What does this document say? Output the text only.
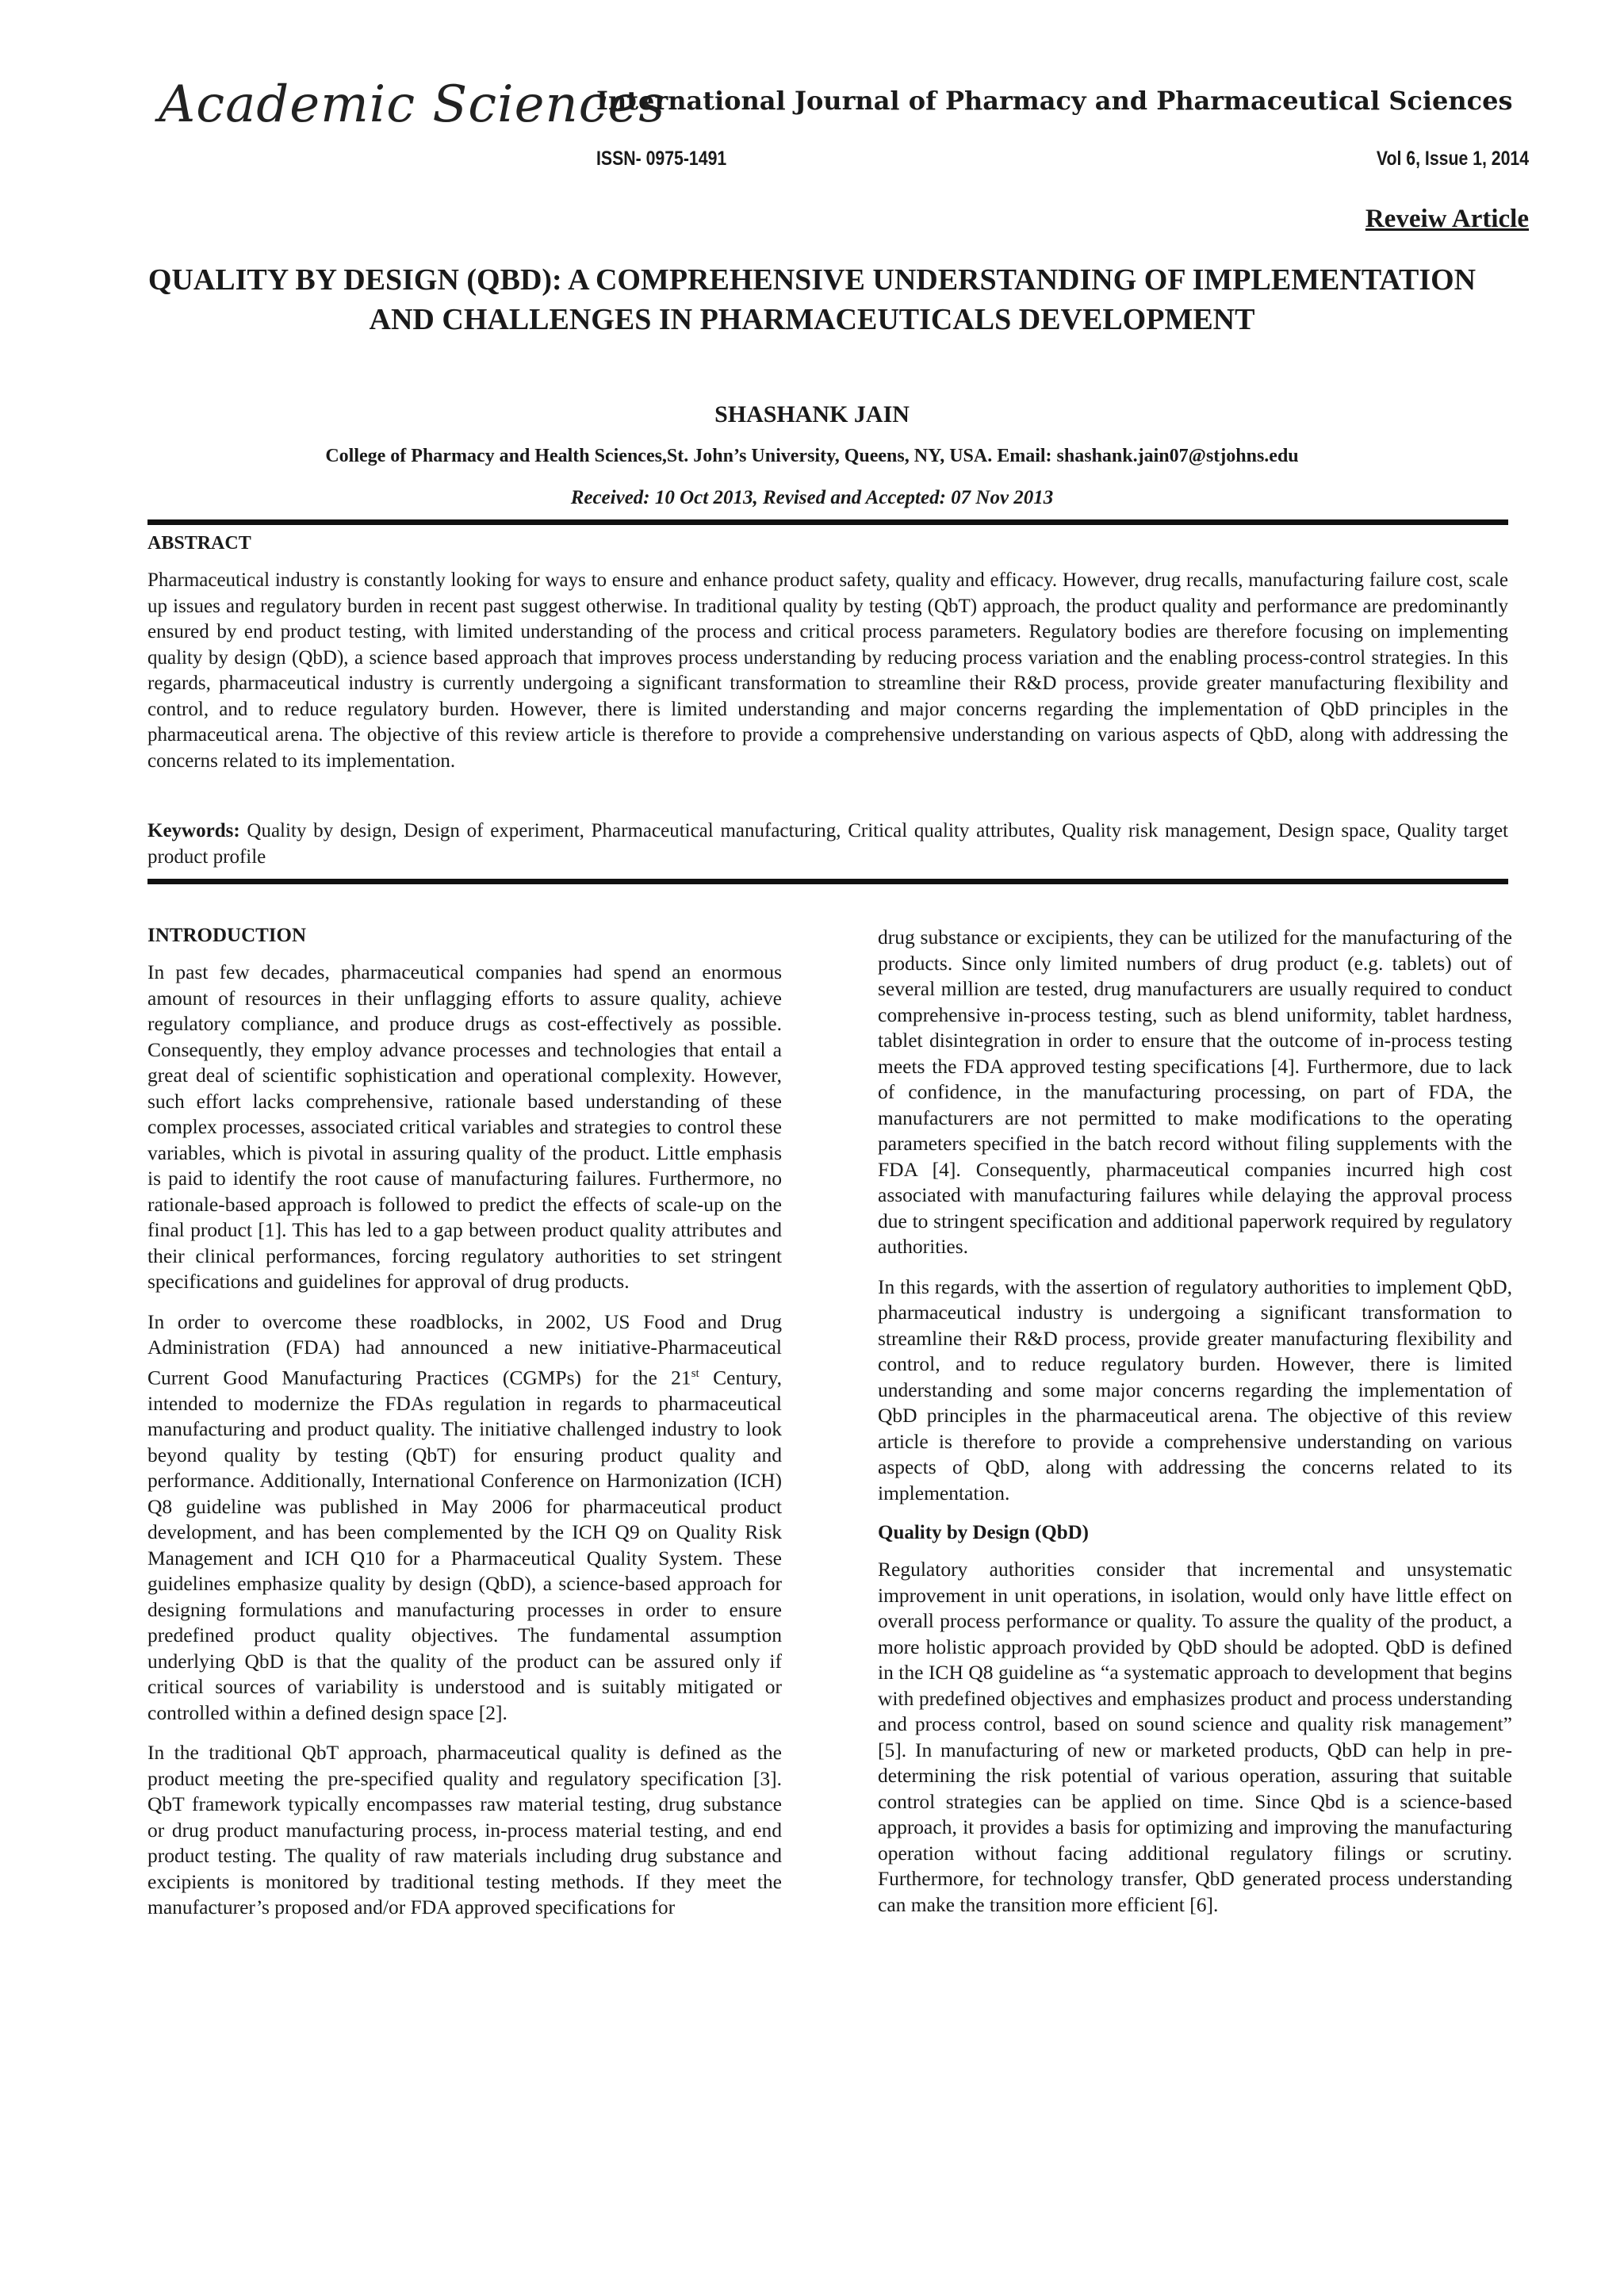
Academic Sciences
International Journal of Pharmacy and Pharmaceutical Sciences
ISSN- 0975-1491	Vol 6, Issue 1, 2014
Reveiw Article
QUALITY BY DESIGN (QBD): A COMPREHENSIVE UNDERSTANDING OF IMPLEMENTATION AND CHALLENGES IN PHARMACEUTICALS DEVELOPMENT
SHASHANK JAIN
College of Pharmacy and Health Sciences,St. John’s University, Queens, NY, USA. Email: shashank.jain07@stjohns.edu
Received: 10 Oct 2013, Revised and Accepted: 07 Nov 2013
ABSTRACT

Pharmaceutical industry is constantly looking for ways to ensure and enhance product safety, quality and efficacy. However, drug recalls, manufacturing failure cost, scale up issues and regulatory burden in recent past suggest otherwise. In traditional quality by testing (QbT) approach, the product quality and performance are predominantly ensured by end product testing, with limited understanding of the process and critical process parameters. Regulatory bodies are therefore focusing on implementing quality by design (QbD), a science based approach that improves process understanding by reducing process variation and the enabling process-control strategies. In this regards, pharmaceutical industry is currently undergoing a significant transformation to streamline their R&D process, provide greater manufacturing flexibility and control, and to reduce regulatory burden. However, there is limited understanding and major concerns regarding the implementation of QbD principles in the pharmaceutical arena. The objective of this review article is therefore to provide a comprehensive understanding on various aspects of QbD, along with addressing the concerns related to its implementation.

Keywords: Quality by design, Design of experiment, Pharmaceutical manufacturing, Critical quality attributes, Quality risk management, Design space, Quality target product profile

INTRODUCTION

In past few decades, pharmaceutical companies had spend an enormous amount of resources in their unflagging efforts to assure quality, achieve regulatory compliance, and produce drugs as cost-effectively as possible. Consequently, they employ advance processes and technologies that entail a great deal of scientific sophistication and operational complexity. However, such effort lacks comprehensive, rationale based understanding of these complex processes, associated critical variables and strategies to control these variables, which is pivotal in assuring quality of the product. Little emphasis is paid to identify the root cause of manufacturing failures. Furthermore, no rationale-based approach is followed to predict the effects of scale-up on the final product [1]. This has led to a gap between product quality attributes and their clinical performances, forcing regulatory authorities to set stringent specifications and guidelines for approval of drug products.

In order to overcome these roadblocks, in 2002, US Food and Drug Administration (FDA) had announced a new initiative-Pharmaceutical Current Good Manufacturing Practices (CGMPs) for the 21st Century, intended to modernize the FDAs regulation in regards to pharmaceutical manufacturing and product quality. The initiative challenged industry to look beyond quality by testing (QbT) for ensuring product quality and performance. Additionally, International Conference on Harmonization (ICH) Q8 guideline was published in May 2006 for pharmaceutical product development, and has been complemented by the ICH Q9 on Quality Risk Management and ICH Q10 for a Pharmaceutical Quality System. These guidelines emphasize quality by design (QbD), a science-based approach for designing formulations and manufacturing processes in order to ensure predefined product quality objectives. The fundamental assumption underlying QbD is that the quality of the product can be assured only if critical sources of variability is understood and is suitably mitigated or controlled within a defined design space [2].

In the traditional QbT approach, pharmaceutical quality is defined as the product meeting the pre-specified quality and regulatory specification [3]. QbT framework typically encompasses raw material testing, drug substance or drug product manufacturing process, in-process material testing, and end product testing. The quality of raw materials including drug substance and excipients is monitored by traditional testing methods. If they meet the manufacturer’s proposed and/or FDA approved specifications for

drug substance or excipients, they can be utilized for the manufacturing of the products. Since only limited numbers of drug product (e.g. tablets) out of several million are tested, drug manufacturers are usually required to conduct comprehensive in-process testing, such as blend uniformity, tablet hardness, tablet disintegration in order to ensure that the outcome of in-process testing meets the FDA approved testing specifications [4]. Furthermore, due to lack of confidence, in the manufacturing processing, on part of FDA, the manufacturers are not permitted to make modifications to the operating parameters specified in the batch record without filing supplements with the FDA [4]. Consequently, pharmaceutical companies incurred high cost associated with manufacturing failures while delaying the approval process due to stringent specification and additional paperwork required by regulatory authorities.

In this regards, with the assertion of regulatory authorities to implement QbD, pharmaceutical industry is undergoing a significant transformation to streamline their R&D process, provide greater manufacturing flexibility and control, and to reduce regulatory burden. However, there is limited understanding and some major concerns regarding the implementation of QbD principles in the pharmaceutical arena. The objective of this review article is therefore to provide a comprehensive understanding on various aspects of QbD, along with addressing the concerns related to its implementation.

Quality by Design (QbD)

Regulatory authorities consider that incremental and unsystematic improvement in unit operations, in isolation, would only have little effect on overall process performance or quality. To assure the quality of the product, a more holistic approach provided by QbD should be adopted. QbD is defined in the ICH Q8 guideline as “a systematic approach to development that begins with predefined objectives and emphasizes product and process understanding and process control, based on sound science and quality risk management” [5]. In manufacturing of new or marketed products, QbD can help in pre-determining the risk potential of various operation, assuring that suitable control strategies can be applied on time. Since Qbd is a science-based approach, it provides a basis for optimizing and improving the manufacturing operation without facing additional regulatory filings or scrutiny. Furthermore, for technology transfer, QbD generated process understanding can make the transition more efficient [6].
